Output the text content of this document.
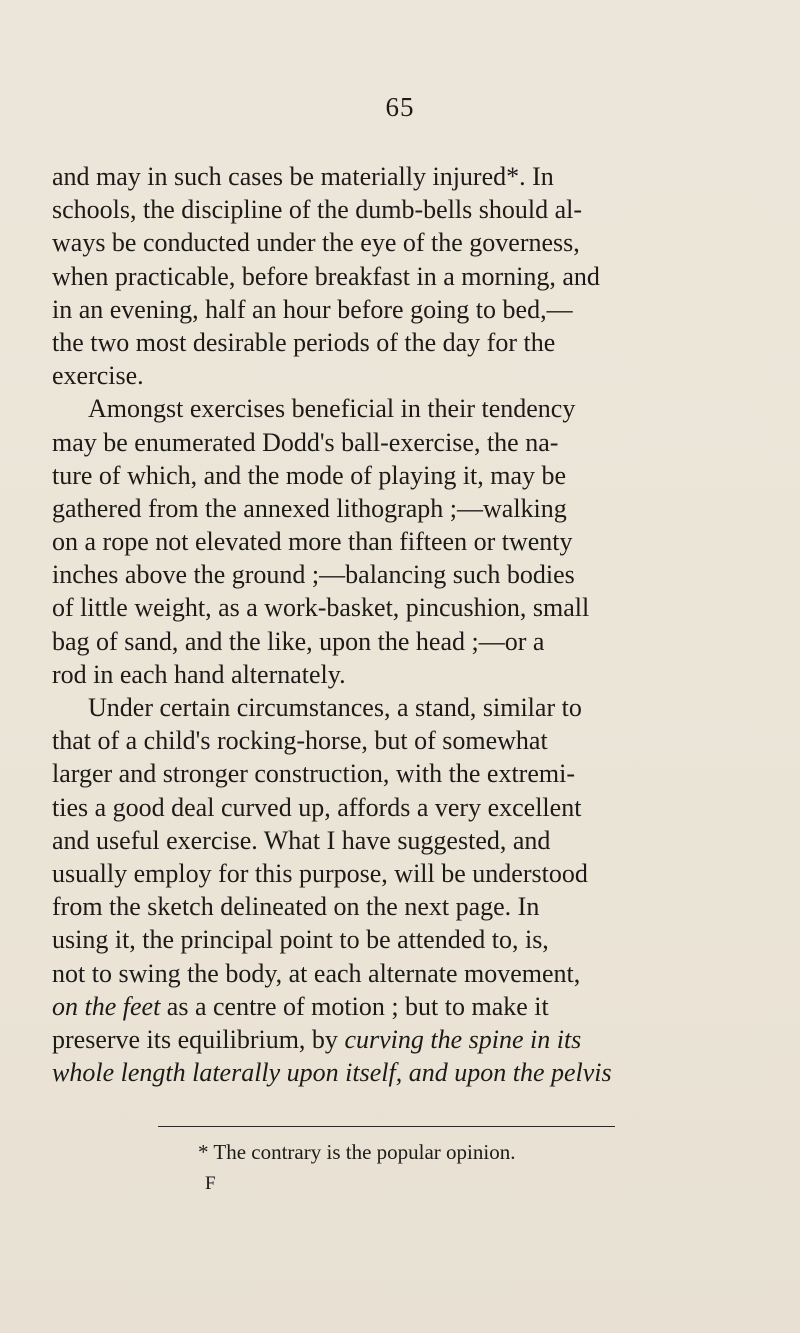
65
and may in such cases be materially injured*. In
schools, the discipline of the dumb-bells should al-
ways be conducted under the eye of the governess,
when practicable, before breakfast in a morning, and
in an evening, half an hour before going to bed,—
the two most desirable periods of the day for the
exercise.
Amongst exercises beneficial in their tendency
may be enumerated Dodd's ball-exercise, the na-
ture of which, and the mode of playing it, may be
gathered from the annexed lithograph ;—walking
on a rope not elevated more than fifteen or twenty
inches above the ground ;—balancing such bodies
of little weight, as a work-basket, pincushion, small
bag of sand, and the like, upon the head ;—or a
rod in each hand alternately.
Under certain circumstances, a stand, similar to
that of a child's rocking-horse, but of somewhat
larger and stronger construction, with the extremi-
ties a good deal curved up, affords a very excellent
and useful exercise. What I have suggested, and
usually employ for this purpose, will be understood
from the sketch delineated on the next page. In
using it, the principal point to be attended to, is,
not to swing the body, at each alternate movement,
on the feet as a centre of motion ; but to make it
preserve its equilibrium, by curving the spine in its
whole length laterally upon itself, and upon the pelvis
* The contrary is the popular opinion.
F
